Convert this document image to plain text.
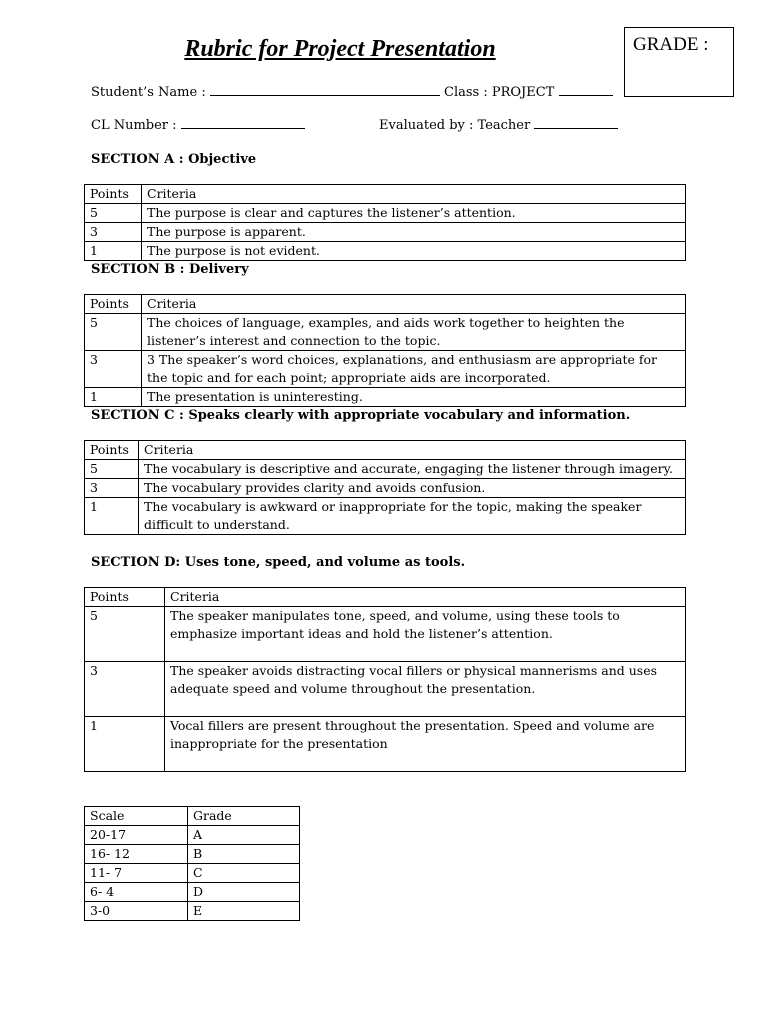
Rubric for Project Presentation	GRADE :
Student’s Name :	Class : PROJECT
CL Number :	Evaluated by : Teacher
SECTION A : Objective
Points	Criteria
5	The purpose is clear and captures the listener’s attention.
3	The purpose is apparent.
1	The purpose is not evident.
SECTION B : Delivery
Points	Criteria
5	The choices of language, examples, and aids work together to heighten the listener’s interest and connection to the topic.
3	3 The speaker’s word choices, explanations, and enthusiasm are appropriate for the topic and for each point; appropriate aids are incorporated.
1	The presentation is uninteresting.
SECTION C : Speaks clearly with appropriate vocabulary and information.
Points	Criteria
5	The vocabulary is descriptive and accurate, engaging the listener through imagery.
3	The vocabulary provides clarity and avoids confusion.
1	The vocabulary is awkward or inappropriate for the topic, making the speaker difficult to understand.
SECTION D: Uses tone, speed, and volume as tools.
Points	Criteria
5	The speaker manipulates tone, speed, and volume, using these tools to emphasize important ideas and hold the listener’s attention.
3	The speaker avoids distracting vocal fillers or physical mannerisms and uses adequate speed and volume throughout the presentation.
1	Vocal fillers are present throughout the presentation. Speed and volume are inappropriate for the presentation
Scale	Grade
20-17	A
16- 12	B
11- 7	C
6- 4	D
3-0	E
